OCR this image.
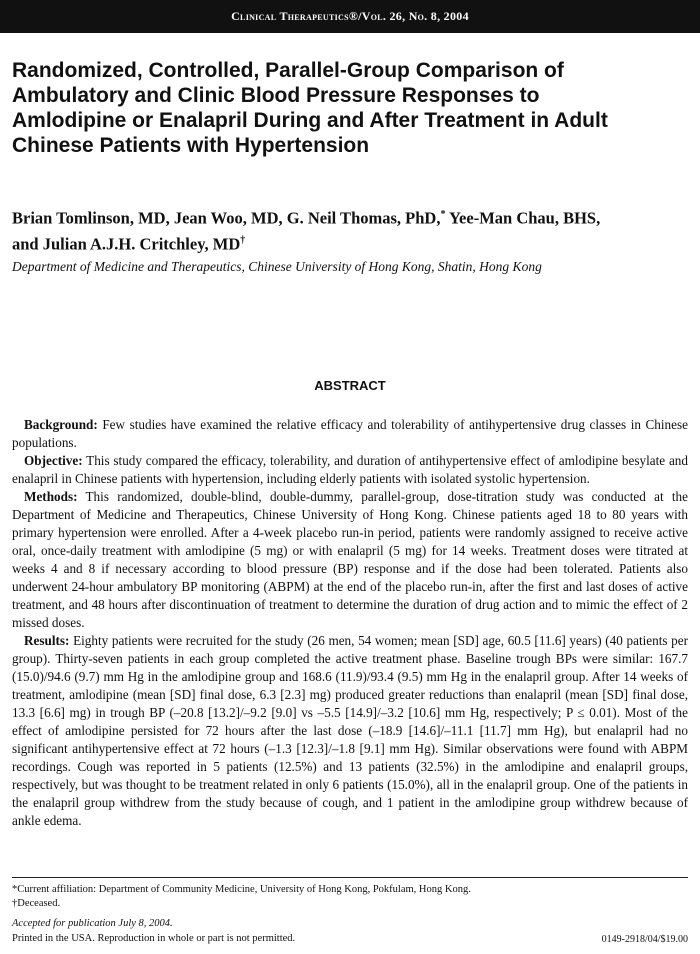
Clinical Therapeutics®/Vol. 26, No. 8, 2004
Randomized, Controlled, Parallel-Group Comparison of Ambulatory and Clinic Blood Pressure Responses to Amlodipine or Enalapril During and After Treatment in Adult Chinese Patients with Hypertension
Brian Tomlinson, MD, Jean Woo, MD, G. Neil Thomas, PhD,* Yee-Man Chau, BHS,
and Julian A.J.H. Critchley, MD†
Department of Medicine and Therapeutics, Chinese University of Hong Kong, Shatin, Hong Kong
ABSTRACT

Background: Few studies have examined the relative efficacy and tolerability of antihypertensive drug classes in Chinese populations.

Objective: This study compared the efficacy, tolerability, and duration of antihypertensive effect of amlodipine besylate and enalapril in Chinese patients with hypertension, including elderly patients with isolated systolic hypertension.

Methods: This randomized, double-blind, double-dummy, parallel-group, dose-titration study was conducted at the Department of Medicine and Therapeutics, Chinese University of Hong Kong. Chinese patients aged 18 to 80 years with primary hypertension were enrolled. After a 4-week placebo run-in period, patients were randomly assigned to receive active oral, once-daily treatment with amlodipine (5 mg) or with enalapril (5 mg) for 14 weeks. Treatment doses were titrated at weeks 4 and 8 if necessary according to blood pressure (BP) response and if the dose had been tolerated. Patients also underwent 24-hour ambulatory BP monitoring (ABPM) at the end of the placebo run-in, after the first and last doses of active treatment, and 48 hours after discontinuation of treatment to determine the duration of drug action and to mimic the effect of 2 missed doses.

Results: Eighty patients were recruited for the study (26 men, 54 women; mean [SD] age, 60.5 [11.6] years) (40 patients per group). Thirty-seven patients in each group completed the active treatment phase. Baseline trough BPs were similar: 167.7 (15.0)/94.6 (9.7) mm Hg in the amlodipine group and 168.6 (11.9)/93.4 (9.5) mm Hg in the enalapril group. After 14 weeks of treatment, amlodipine (mean [SD] final dose, 6.3 [2.3] mg) produced greater reductions than enalapril (mean [SD] final dose, 13.3 [6.6] mg) in trough BP (–20.8 [13.2]/–9.2 [9.0] vs –5.5 [14.9]/–3.2 [10.6] mm Hg, respectively; P ≤ 0.01). Most of the effect of amlodipine persisted for 72 hours after the last dose (–18.9 [14.6]/–11.1 [11.7] mm Hg), but enalapril had no significant antihypertensive effect at 72 hours (–1.3 [12.3]/–1.8 [9.1] mm Hg). Similar observations were found with ABPM recordings. Cough was reported in 5 patients (12.5%) and 13 patients (32.5%) in the amlodipine and enalapril groups, respectively, but was thought to be treatment related in only 6 patients (15.0%), all in the enalapril group. One of the patients in the enalapril group withdrew from the study because of cough, and 1 patient in the amlodipine group withdrew because of ankle edema.

*Current affiliation: Department of Community Medicine, University of Hong Kong, Pokfulam, Hong Kong.
†Deceased.
Accepted for publication July 8, 2004.
Printed in the USA. Reproduction in whole or part is not permitted.	0149-2918/04/$19.00
